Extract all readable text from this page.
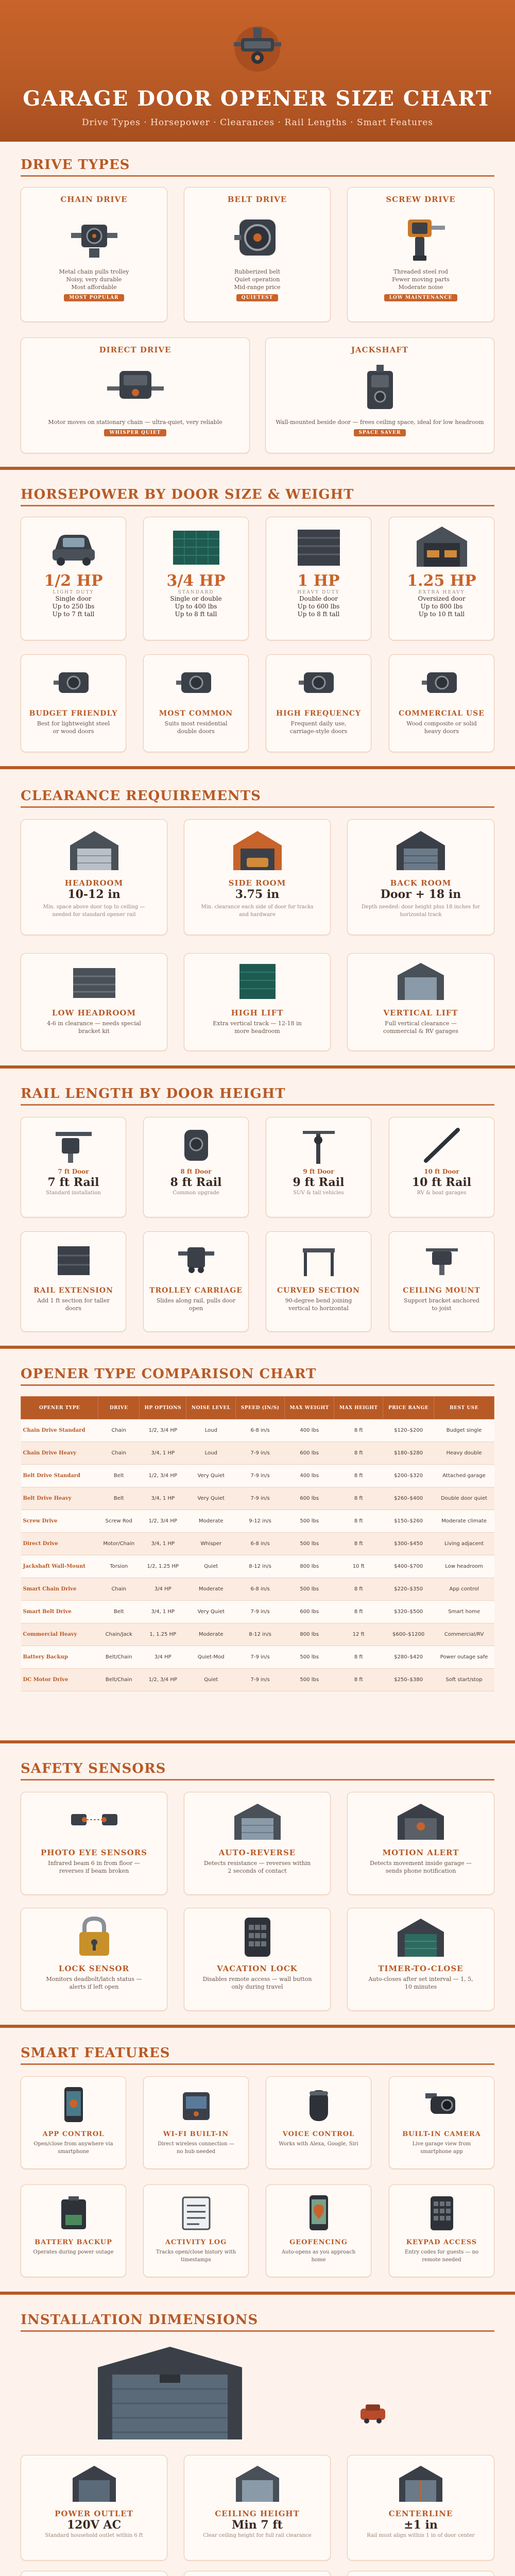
GARAGE DOOR OPENER SIZE CHART
Drive Types · Horsepower · Clearances · Rail Lengths · Smart Features
DRIVE TYPES
CHAIN DRIVE
Metal chain pulls trolley
Noisy, very durable
Most affordable
MOST POPULAR
BELT DRIVE
Rubberized belt
Quiet operation
Mid-range price
QUIETEST
SCREW DRIVE
Threaded steel rod
Fewer moving parts
Moderate noise
LOW MAINTENANCE
DIRECT DRIVE
Motor moves on stationary chain — ultra-quiet, very reliable
WHISPER QUIET
JACKSHAFT
Wall-mounted beside door — frees ceiling space, ideal for low headroom
SPACE SAVER
HORSEPOWER BY DOOR SIZE & WEIGHT
1/2 HP
LIGHT DUTY
Single door
Up to 250 lbs
Up to 7 ft tall
3/4 HP
STANDARD
Single or double
Up to 400 lbs
Up to 8 ft tall
1 HP
HEAVY DUTY
Double door
Up to 600 lbs
Up to 8 ft tall
1.25 HP
EXTRA HEAVY
Oversized door
Up to 800 lbs
Up to 10 ft tall
BUDGET FRIENDLY
Best for lightweight steel or wood doors
MOST COMMON
Suits most residential double doors
HIGH FREQUENCY
Frequent daily use, carriage-style doors
COMMERCIAL USE
Wood composite or solid heavy doors
CLEARANCE REQUIREMENTS
HEADROOM
10-12 in
Min. space above door top to ceiling — needed for standard opener rail
SIDE ROOM
3.75 in
Min. clearance each side of door for tracks and hardware
BACK ROOM
Door + 18 in
Depth needed: door height plus 18 inches for horizontal track
LOW HEADROOM
4-6 in clearance — needs special bracket kit
HIGH LIFT
Extra vertical track — 12-18 in more headroom
VERTICAL LIFT
Full vertical clearance — commercial & RV garages
RAIL LENGTH BY DOOR HEIGHT
7 ft Door
7 ft Rail
Standard installation
8 ft Door
8 ft Rail
Common upgrade
9 ft Door
9 ft Rail
SUV & tall vehicles
10 ft Door
10 ft Rail
RV & boat garages
RAIL EXTENSION
Add 1 ft section for taller doors
TROLLEY CARRIAGE
Slides along rail, pulls door open
CURVED SECTION
90-degree bend joining vertical to horizontal
CEILING MOUNT
Support bracket anchored to joist
OPENER TYPE COMPARISON CHART
OPENER TYPE	DRIVE	HP OPTIONS	NOISE LEVEL	SPEED (IN/S)	MAX WEIGHT	MAX HEIGHT	PRICE RANGE	BEST USE
Chain Drive Standard	Chain	1/2, 3/4 HP	Loud	6-8 in/s	400 lbs	8 ft	$120–$200	Budget single
Chain Drive Heavy	Chain	3/4, 1 HP	Loud	7-9 in/s	600 lbs	8 ft	$180–$280	Heavy double
Belt Drive Standard	Belt	1/2, 3/4 HP	Very Quiet	7-9 in/s	400 lbs	8 ft	$200–$320	Attached garage
Belt Drive Heavy	Belt	3/4, 1 HP	Very Quiet	7-9 in/s	600 lbs	8 ft	$260–$400	Double door quiet
Screw Drive	Screw Rod	1/2, 3/4 HP	Moderate	9-12 in/s	500 lbs	8 ft	$150–$260	Moderate climate
Direct Drive	Motor/Chain	3/4, 1 HP	Whisper	6-8 in/s	500 lbs	8 ft	$300–$450	Living adjacent
Jackshaft Wall-Mount	Torsion	1/2, 1.25 HP	Quiet	8-12 in/s	800 lbs	10 ft	$400–$700	Low headroom
Smart Chain Drive	Chain	3/4 HP	Moderate	6-8 in/s	500 lbs	8 ft	$220–$350	App control
Smart Belt Drive	Belt	3/4, 1 HP	Very Quiet	7-9 in/s	600 lbs	8 ft	$320–$500	Smart home
Commercial Heavy	Chain/Jack	1, 1.25 HP	Moderate	8-12 in/s	800 lbs	12 ft	$600–$1200	Commercial/RV
Battery Backup	Belt/Chain	3/4 HP	Quiet-Mod	7-9 in/s	500 lbs	8 ft	$280–$420	Power outage safe
DC Motor Drive	Belt/Chain	1/2, 3/4 HP	Quiet	7-9 in/s	500 lbs	8 ft	$250–$380	Soft start/stop
SAFETY SENSORS
PHOTO EYE SENSORS
Infrared beam 6 in from floor — reverses if beam broken
AUTO-REVERSE
Detects resistance — reverses within 2 seconds of contact
MOTION ALERT
Detects movement inside garage — sends phone notification
LOCK SENSOR
Monitors deadbolt/latch status — alerts if left open
VACATION LOCK
Disables remote access — wall button only during travel
TIMER-TO-CLOSE
Auto-closes after set interval — 1, 5, 10 minutes
SMART FEATURES
APP CONTROL
Open/close from anywhere via smartphone
WI-FI BUILT-IN
Direct wireless connection — no hub needed
VOICE CONTROL
Works with Alexa, Google, Siri
BUILT-IN CAMERA
Live garage view from smartphone app
BATTERY BACKUP
Operates during power outage
ACTIVITY LOG
Tracks open/close history with timestamps
GEOFENCING
Auto-opens as you approach home
KEYPAD ACCESS
Entry codes for guests — no remote needed
INSTALLATION DIMENSIONS
POWER OUTLET
120V AC
Standard household outlet within 6 ft
CEILING HEIGHT
Min 7 ft
Clear ceiling height for full rail clearance
CENTERLINE
±1 in
Rail must align within 1 in of door center
